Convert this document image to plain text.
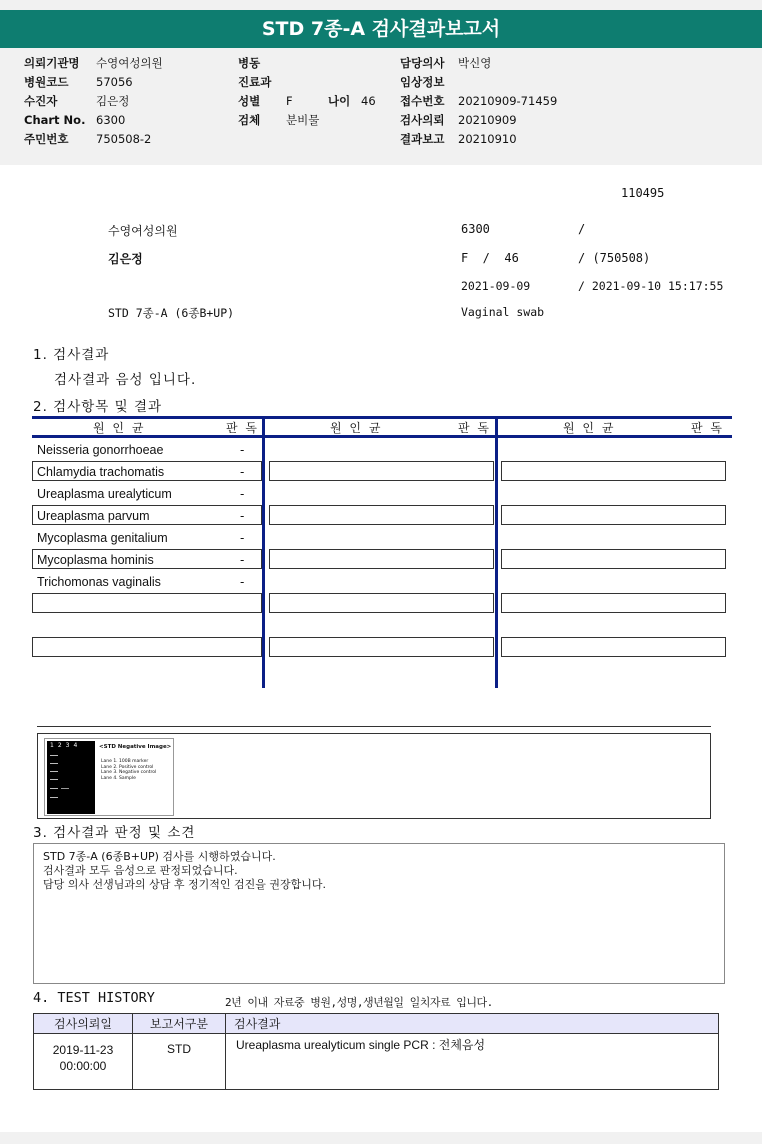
STD 7종-A 검사결과보고서
의뢰기관명 수영여성의원
병원코드 57056
수진자	김은정
Chart No. 6300
주민번호 750508-2
병동
진료과
성별 F	나이 46
검체 분비물
담당의사 박신영
임상정보
접수번호 20210909-71459
검사의뢰 20210909
결과보고 20210910
110495
수영여성의원	6300	/
김은정	F  /  46	/ (750508)
2021-09-09	/ 2021-09-10 15:17:55
STD 7종-A (6종B+UP)	Vaginal swab
1. 검사결과
검사결과 음성 입니다.
2. 검사항목 및 결과
원 인 균	판 독	원 인 균	판 독	원 인 균	판 독
Neisseria gonorrhoeae	-
Chlamydia trachomatis	-
Ureaplasma urealyticum	-
Ureaplasma parvum	-
Mycoplasma genitalium	-
Mycoplasma hominis	-
Trichomonas vaginalis	-
1234	<STD Negative Image>
Lane 1. 100B marker
Lane 2. Positive control
Lane 3. Negative control
Lane 4. Sample
3. 검사결과 판정 및 소견
STD 7종-A (6종B+UP) 검사를 시행하였습니다.
검사결과 모두 음성으로 판정되었습니다.
담당 의사 선생님과의 상담 후 정기적인 검진을 권장합니다.
4. TEST HISTORY	2년 이내 자료중 병원,성명,생년월일 일치자료 입니다.
검사의뢰일	보고서구분	검사결과

2019-11-23
00:00:00	STD	Ureaplasma urealyticum single PCR : 전체음성
